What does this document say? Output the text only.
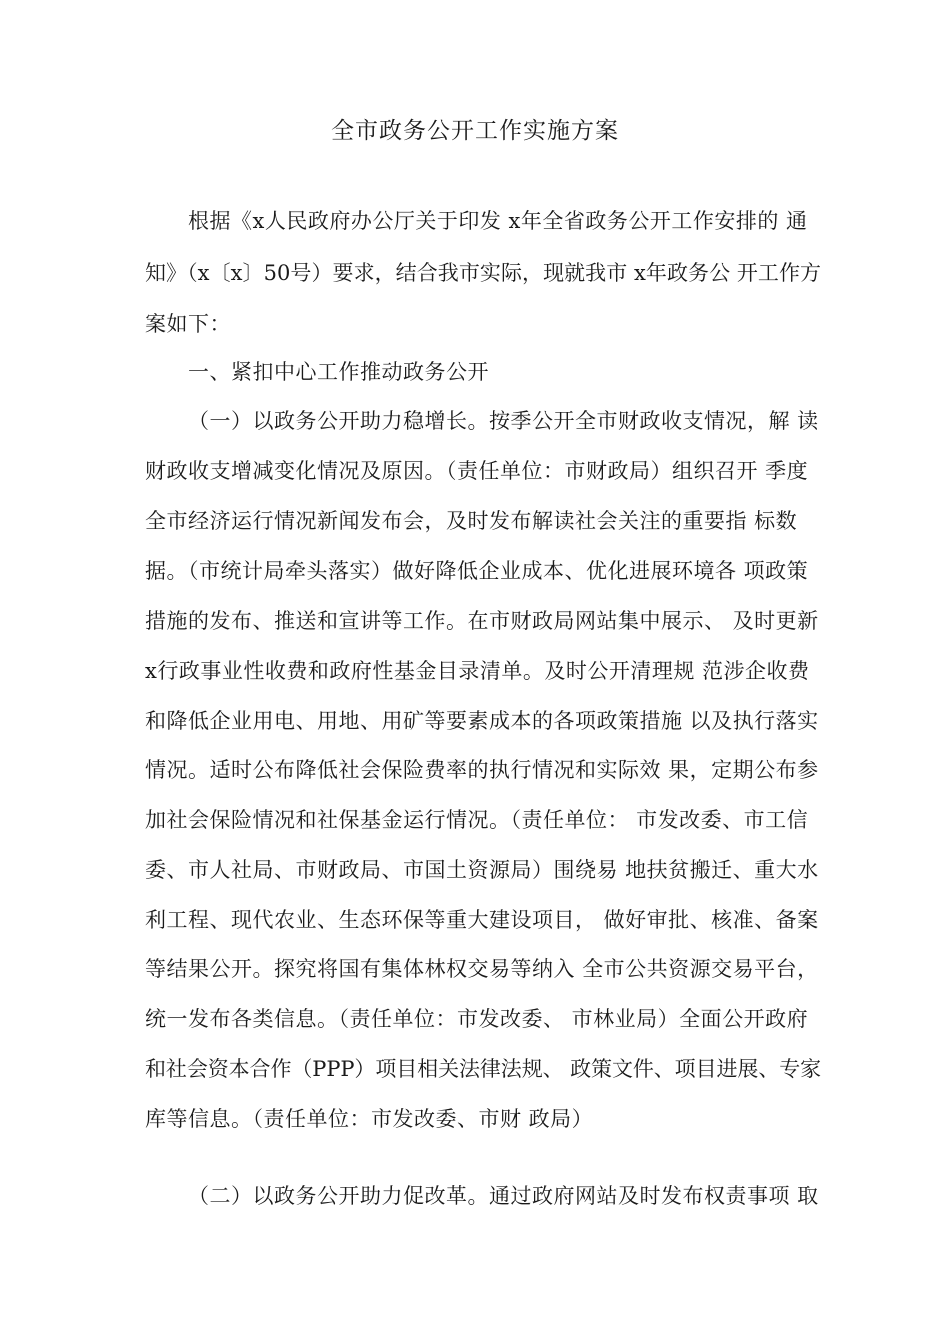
全市政务公开工作实施方案
根据《x人民政府办公厅关于印发 x年全省政务公开工作安排的 通
知》（x〔x〕50号）要求，结合我市实际，现就我市 x年政务公 开工作方
案如下：
一、紧扣中心工作推动政务公开
（一）以政务公开助力稳增长。按季公开全市财政收支情况，解 读
财政收支增减变化情况及原因。（责任单位：市财政局）组织召开 季度
全市经济运行情况新闻发布会，及时发布解读社会关注的重要指 标数
据。（市统计局牵头落实）做好降低企业成本、优化进展环境各 项政策
措施的发布、推送和宣讲等工作。在市财政局网站集中展示、 及时更新
x行政事业性收费和政府性基金目录清单。及时公开清理规 范涉企收费
和降低企业用电、用地、用矿等要素成本的各项政策措施 以及执行落实
情况。适时公布降低社会保险费率的执行情况和实际效 果，定期公布参
加社会保险情况和社保基金运行情况。（责任单位： 市发改委、市工信
委、市人社局、市财政局、市国土资源局）围绕易 地扶贫搬迁、重大水
利工程、现代农业、生态环保等重大建设项目， 做好审批、核准、备案
等结果公开。探究将国有集体林权交易等纳入 全市公共资源交易平台，
统一发布各类信息。（责任单位：市发改委、 市林业局）全面公开政府
和社会资本合作（PPP）项目相关法律法规、 政策文件、项目进展、专家
库等信息。（责任单位：市发改委、市财 政局）
（二）以政务公开助力促改革。通过政府网站及时发布权责事项 取
